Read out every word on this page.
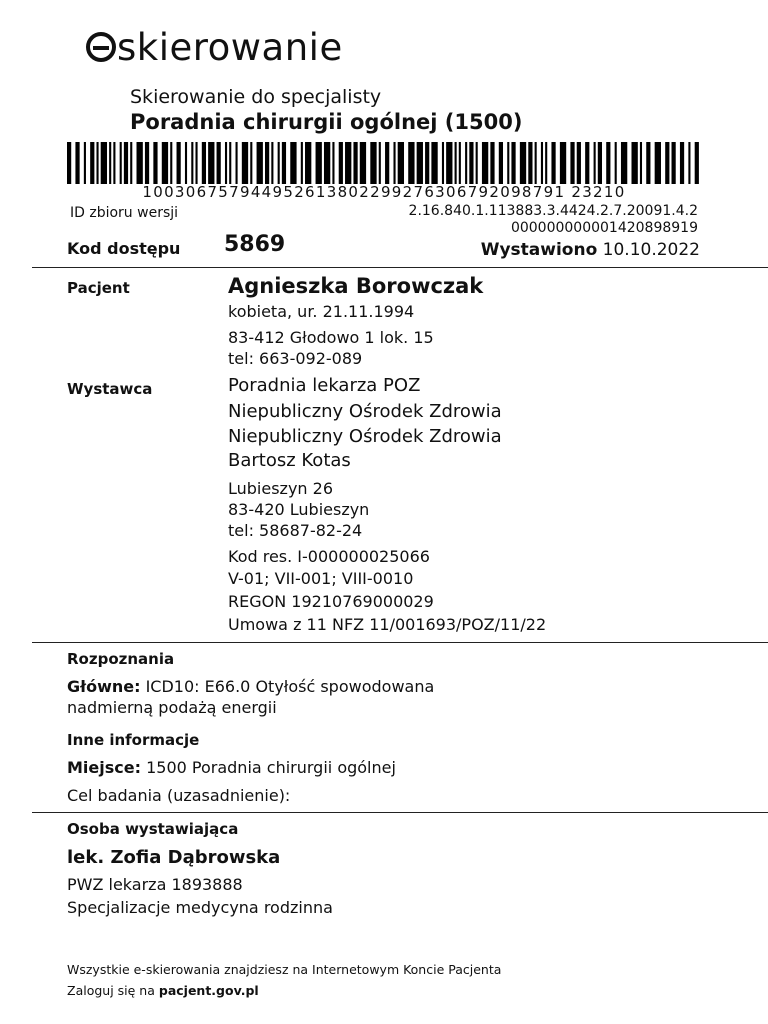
skierowanie
Skierowanie do specjalisty
Poradnia chirurgii ogólnej (1500)
100306757944952613802299276306792098791 23210
ID zbioru wersji	2.16.840.1.113883.3.4424.2.7.20091.4.2
000000000001420898919
Kod dostępu 5869	Wystawiono 10.10.2022
Pacjent	Agnieszka Borowczak
kobieta, ur. 21.11.1994
83-412 Głodowo 1 lok. 15
tel: 663-092-089
Wystawca	Poradnia lekarza POZ
Niepubliczny Ośrodek Zdrowia
Niepubliczny Ośrodek Zdrowia
Bartosz Kotas
Lubieszyn 26
83-420 Lubieszyn
tel: 58687-82-24
Kod res. I-000000025066
V-01; VII-001; VIII-0010
REGON 19210769000029
Umowa z 11 NFZ 11/001693/POZ/11/22
Rozpoznania
Główne: ICD10: E66.0 Otyłość spowodowana
nadmierną podażą energii
Inne informacje
Miejsce: 1500 Poradnia chirurgii ogólnej
Cel badania (uzasadnienie):
Osoba wystawiająca
lek. Zofia Dąbrowska
PWZ lekarza 1893888
Specjalizacje medycyna rodzinna
Wszystkie e-skierowania znajdziesz na Internetowym Koncie Pacjenta
Zaloguj się na pacjent.gov.pl
